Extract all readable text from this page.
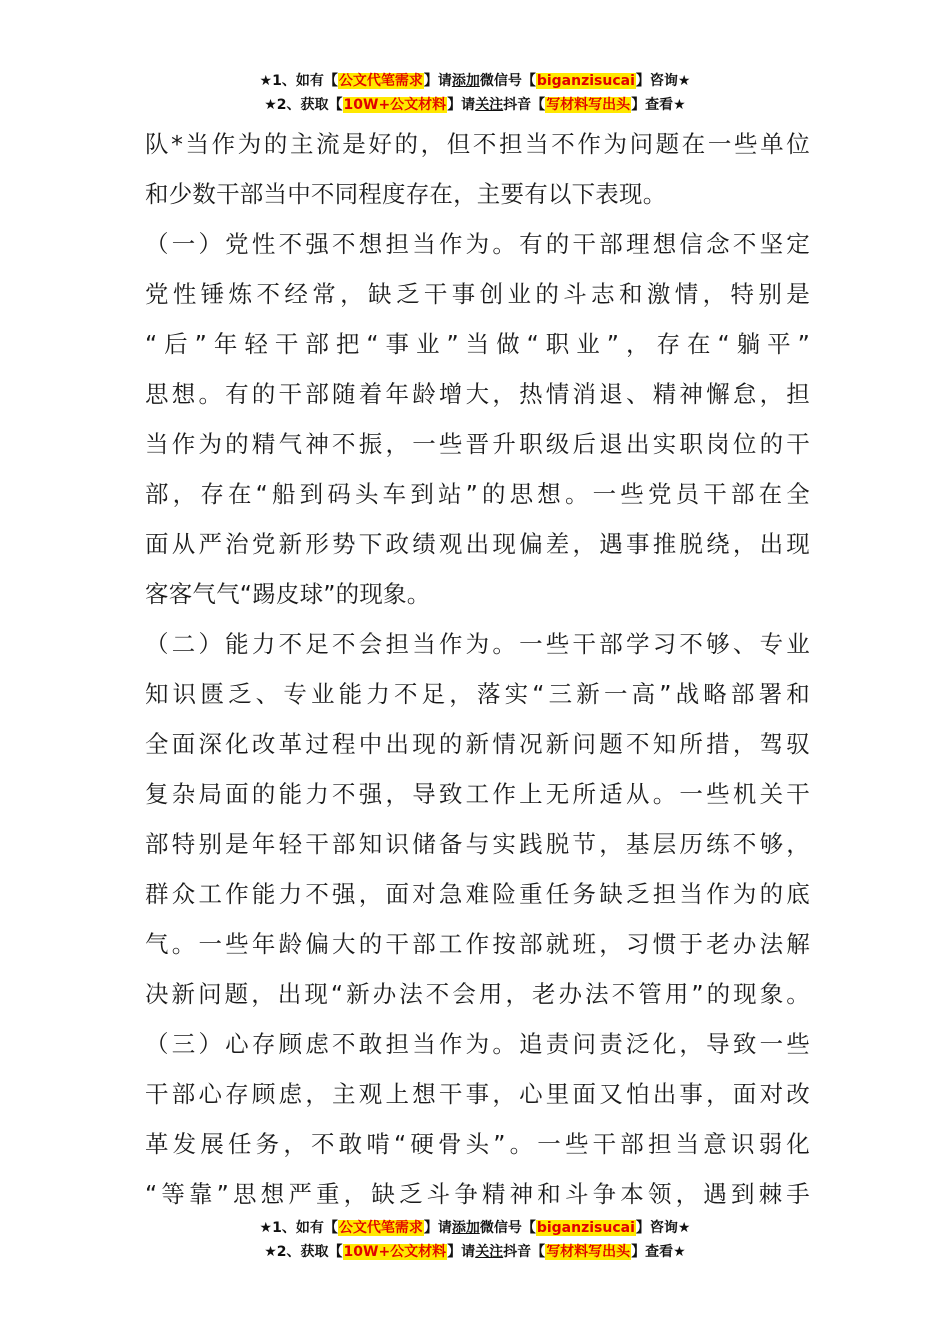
★1、如有【公文代笔需求】请添加微信号【biganzisucai】咨询★
★2、获取【10W+公文材料】请关注抖音【写材料写出头】查看★
队*当作为的主流是好的，但不担当不作为问题在一些单位
和少数干部当中不同程度存在，主要有以下表现。
（一）党性不强不想担当作为。有的干部理想信念不坚定
党性锤炼不经常，缺乏干事创业的斗志和激情，特别是
“后”年轻干部把“事业”当做“职业”，存在“躺平”
思想。有的干部随着年龄增大，热情消退、精神懈怠，担
当作为的精气神不振，一些晋升职级后退出实职岗位的干
部，存在“船到码头车到站”的思想。一些党员干部在全
面从严治党新形势下政绩观出现偏差，遇事推脱绕，出现
客客气气“踢皮球”的现象。
（二）能力不足不会担当作为。一些干部学习不够、专业
知识匮乏、专业能力不足，落实“三新一高”战略部署和
全面深化改革过程中出现的新情况新问题不知所措，驾驭
复杂局面的能力不强，导致工作上无所适从。一些机关干
部特别是年轻干部知识储备与实践脱节，基层历练不够，
群众工作能力不强，面对急难险重任务缺乏担当作为的底
气。一些年龄偏大的干部工作按部就班，习惯于老办法解
决新问题，出现“新办法不会用，老办法不管用”的现象。
（三）心存顾虑不敢担当作为。追责问责泛化，导致一些
干部心存顾虑，主观上想干事，心里面又怕出事，面对改
革发展任务，不敢啃“硬骨头”。一些干部担当意识弱化
“等靠”思想严重，缺乏斗争精神和斗争本领，遇到棘手
★1、如有【公文代笔需求】请添加微信号【biganzisucai】咨询★
★2、获取【10W+公文材料】请关注抖音【写材料写出头】查看★
